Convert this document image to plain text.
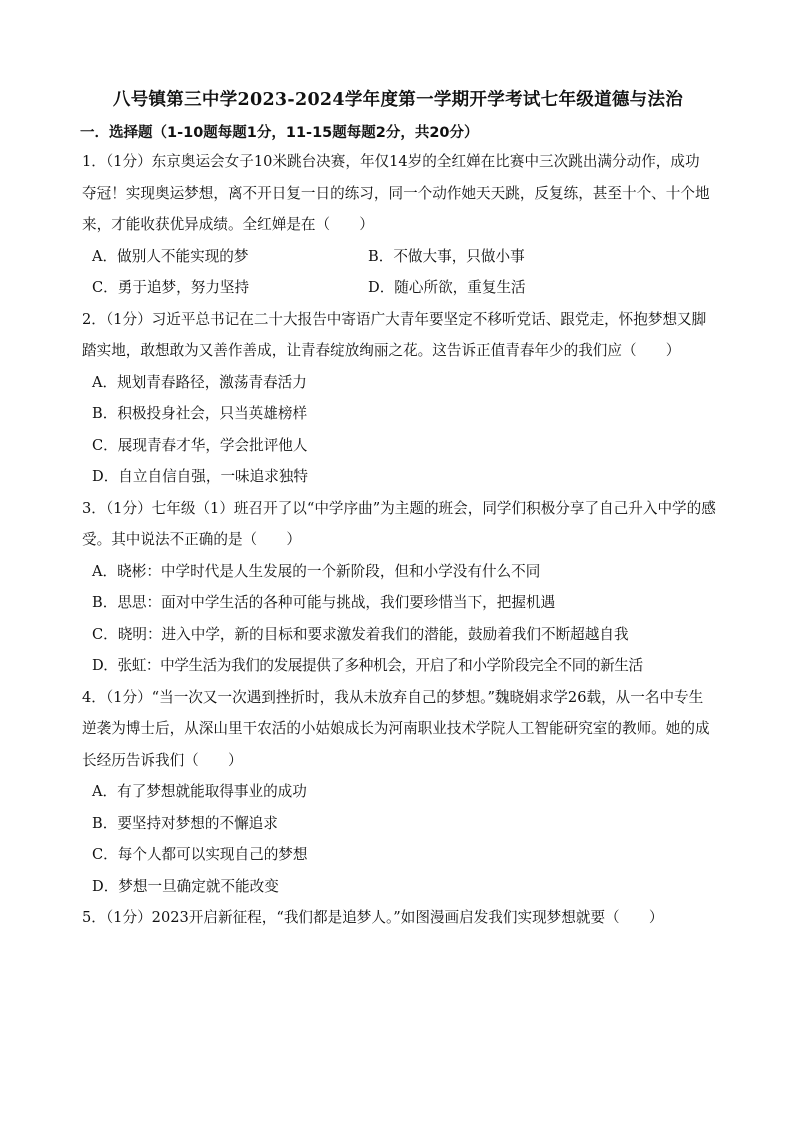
八号镇第三中学2023-2024学年度第一学期开学考试七年级道德与法治
一．选择题（1-10题每题1分，11-15题每题2分，共20分）
1．（1分）东京奥运会女子10米跳台决赛，年仅14岁的全红婵在比赛中三次跳出满分动作，成功夺冠！实现奥运梦想，离不开日复一日的练习，同一个动作她天天跳，反复练，甚至十个、十个地来，才能收获优异成绩。全红婵是在（　　）
A．做别人不能实现的梦	B．不做大事，只做小事
C．勇于追梦，努力坚持	D．随心所欲，重复生活
2．（1分）习近平总书记在二十大报告中寄语广大青年要坚定不移听党话、跟党走，怀抱梦想又脚踏实地，敢想敢为又善作善成，让青春绽放绚丽之花。这告诉正值青春年少的我们应（　　）
A．规划青春路径，激荡青春活力
B．积极投身社会，只当英雄榜样
C．展现青春才华，学会批评他人
D．自立自信自强，一味追求独特
3．（1分）七年级（1）班召开了以“中学序曲”为主题的班会，同学们积极分享了自己升入中学的感受。其中说法不正确的是（　　）
A．晓彬：中学时代是人生发展的一个新阶段，但和小学没有什么不同
B．思思：面对中学生活的各种可能与挑战，我们要珍惜当下，把握机遇
C．晓明：进入中学，新的目标和要求激发着我们的潜能，鼓励着我们不断超越自我
D．张虹：中学生活为我们的发展提供了多种机会，开启了和小学阶段完全不同的新生活
4．（1分）“当一次又一次遇到挫折时，我从未放弃自己的梦想。”魏晓娟求学26载，从一名中专生逆袭为博士后，从深山里干农活的小姑娘成长为河南职业技术学院人工智能研究室的教师。她的成长经历告诉我们（　　）
A．有了梦想就能取得事业的成功
B．要坚持对梦想的不懈追求
C．每个人都可以实现自己的梦想
D．梦想一旦确定就不能改变
5．（1分）2023开启新征程，“我们都是追梦人。”如图漫画启发我们实现梦想就要（　　）
